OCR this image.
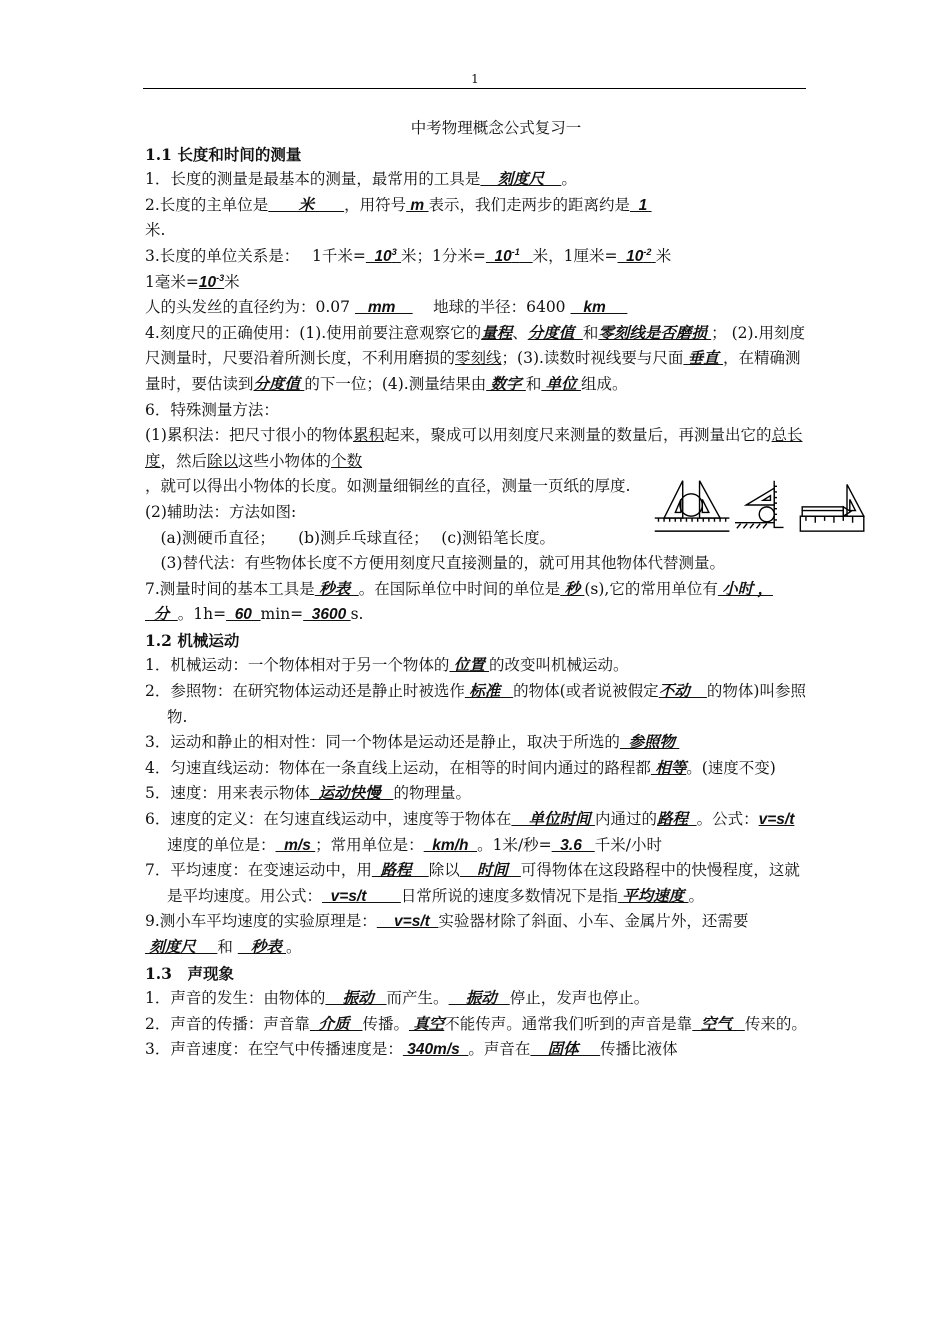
1

中考物理概念公式复习一

1.1 长度和时间的测量

1．长度的测量是最基本的测量，最常用的工具是    刻度尺    。

2.长度的主单位是       米       ，用符号 m 表示，我们走两步的距离约是  1
米.

3.长度的单位关系是：　 1千米=  $10^3$ 米；1分米=  $10^{-1}$ 米，1厘米=  $10^{-2}$ 米

1毫米$=10^{-3}$米

人的头发丝的直径约为：0.07    mm    　 地球的半径：6400    km

4.刻度尺的正确使用：(1).使用前要注意观察它的量程、分度值  和零刻线是否磨损 ； (2).用刻度尺测量时，尺要沿着所测长度，不利用磨损的零刻线；(3).读数时视线要与尺面 垂直 ，在精确测量时，要估读到分度值 的下一位；(4).测量结果由 数字 和 单位 组成。

6．特殊测量方法：

(1)累积法：把尺寸很小的物体累积起来，聚成可以用刻度尺来测量的数量后，再测量出它的总长度，然后除以这些小物体的个数，就可以得出小物体的长度。如测量细铜丝的直径，测量一页纸的厚度.

(2)辅助法：方法如图:

　(a)测硬币直径；　　(b)测乒乓球直径；　 (c)测铅笔长度。

　(3)替代法：有些物体长度不方便用刻度尺直接测量的，就可用其他物体代替测量。

7.测量时间的基本工具是 秒表  。在国际单位中时间的单位是 秒 (s),它的常用单位有 小时 ，
分  。1h=  60  min=  3600 s.

1.2 机械运动

1．机械运动：一个物体相对于另一个物体的 位置 的改变叫机械运动。

2．参照物：在研究物体运动还是静止时被选作 标准   的物体(或者说被假定不动    的物体)叫参照物.

3．运动和静止的相对性：同一个物体是运动还是静止，取决于所选的  参照物

4．匀速直线运动：物体在一条直线上运动，在相等的时间内通过的路程都 相等。(速度不变)

5．速度：用来表示物体  运动快慢   的物理量。

6．速度的定义：在匀速直线运动中，速度等于物体在    单位时间 内通过的路程  。公式：v=s/t速度的单位是：  m/s ；常用单位是：  km/h  。1米/秒=  3.6   千米/小时

7．平均速度：在变速运动中，用  路程    除以    时间   可得物体在这段路程中的快慢程度，这就是平均速度。用公式：  v=s/t        日常所说的速度多数情况下是指 平均速度 。

9.测小车平均速度的实验原理是：    v=s/t  实验器材除了斜面、小车、金属片外，还需要 刻度尺     和    秒表 。

1.3　声现象

1．声音的发生：由物体的    振动   而产生。    振动   停止，发声也停止。

2．声音的传播：声音靠  介质   传播。 真空不能传声。通常我们听到的声音是靠  空气   传来的。

3．声音速度：在空气中传播速度是： 340m/s  。声音在    固体     传播比液体
